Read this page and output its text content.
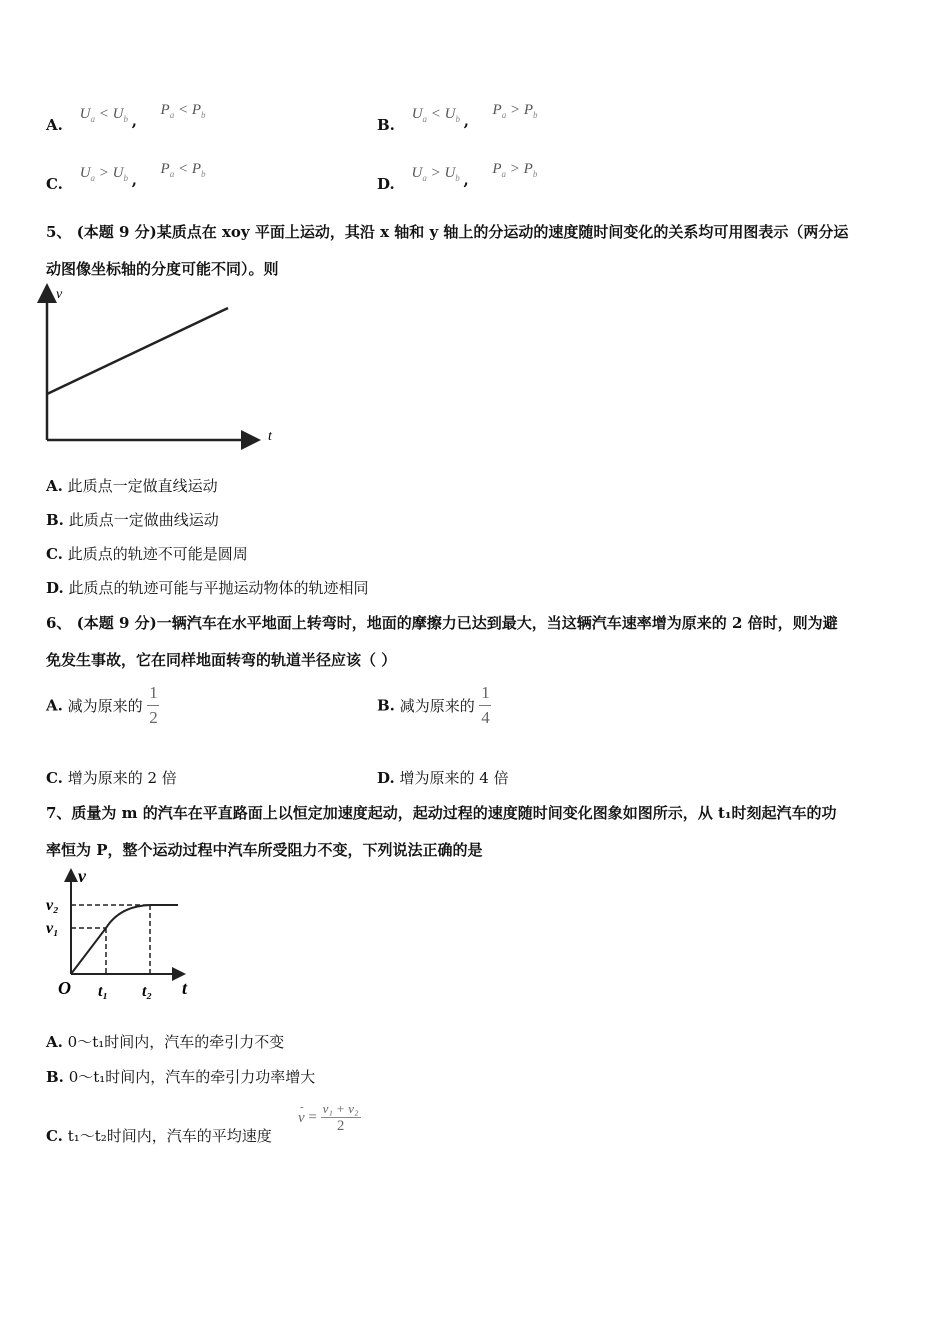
A. $U_a < U_b$ ,  $P_a < P_b$
B. $U_a < U_b$ ,  $P_a > P_b$
C. $U_a > U_b$ ,  $P_a < P_b$
D. $U_a > U_b$ ,  $P_a > P_b$
5、 (本题 9 分)某质点在 xoy 平面上运动，其沿 x 轴和 y 轴上的分运动的速度随时间变化的关系均可用图表示（两分运
动图像坐标轴的分度可能不同）。则
v
t
A. 此质点一定做直线运动
B. 此质点一定做曲线运动
C. 此质点的轨迹不可能是圆周
D. 此质点的轨迹可能与平抛运动物体的轨迹相同
6、 (本题 9 分)一辆汽车在水平地面上转弯时，地面的摩擦力已达到最大，当这辆汽车速率增为原来的 2 倍时，则为避
免发生事故，它在同样地面转弯的轨道半径应该（ ）
A. 减为原来的 $\frac{1}{2}$	B. 减为原来的 $\frac{1}{4}$
C. 增为原来的 2 倍	D. 增为原来的 4 倍
7、质量为 m 的汽车在平直路面上以恒定加速度起动，起动过程的速度随时间变化图象如图所示，从 t₁时刻起汽车的功
率恒为 P，整个运动过程中汽车所受阻力不变，下列说法正确的是
v
v₂
v₁
O t₁ t₂ t
A. 0～t₁时间内，汽车的牵引力不变
B. 0～t₁时间内，汽车的牵引力功率增大
C. t₁～t₂时间内，汽车的平均速度
-
$v = \frac{\text{v₁ + v₂}}{2}$
